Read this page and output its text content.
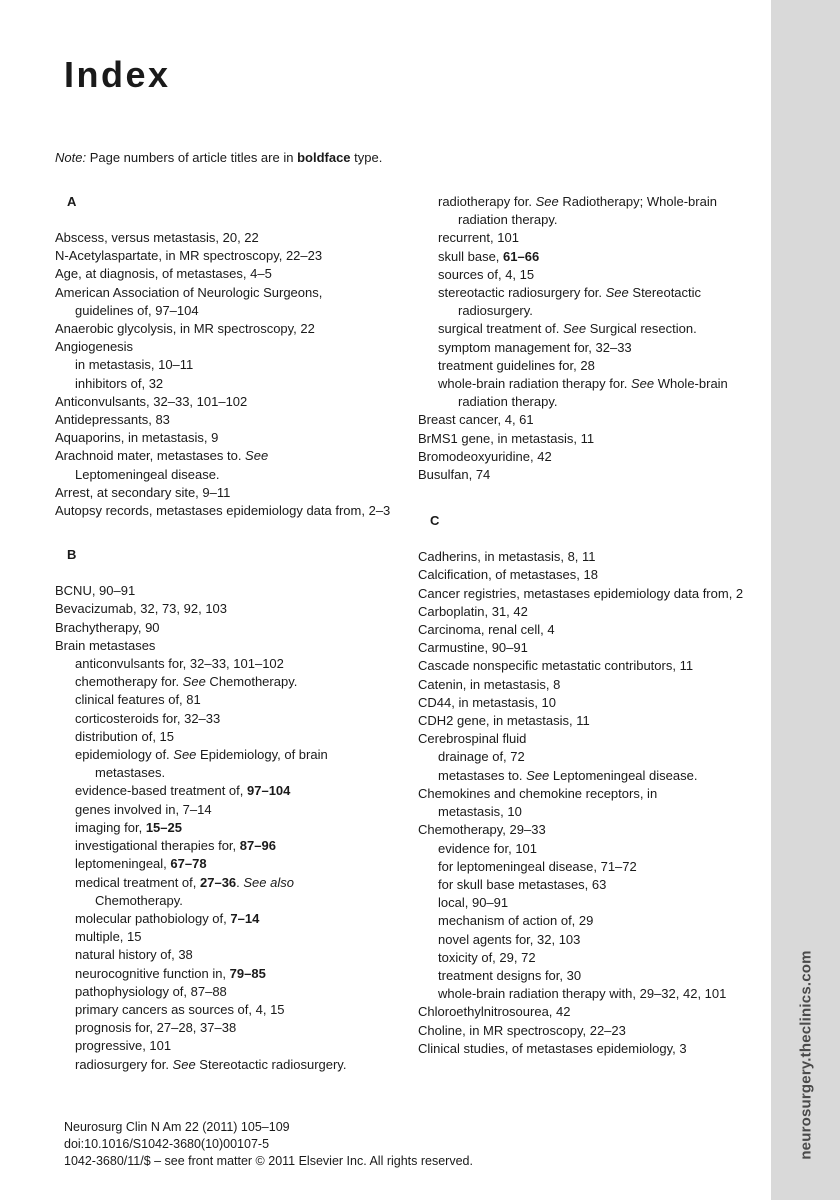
neurosurgery.theclinics.com
Index
Note: Page numbers of article titles are in boldface type.

A

Abscess, versus metastasis, 20, 22

N-Acetylaspartate, in MR spectroscopy, 22–23

Age, at diagnosis, of metastases, 4–5

American Association of Neurologic Surgeons, guidelines of, 97–104

Anaerobic glycolysis, in MR spectroscopy, 22

Angiogenesis

in metastasis, 10–11

inhibitors of, 32

Anticonvulsants, 32–33, 101–102

Antidepressants, 83

Aquaporins, in metastasis, 9

Arachnoid mater, metastases to. See Leptomeningeal disease.

Arrest, at secondary site, 9–11

Autopsy records, metastases epidemiology data from, 2–3

B

BCNU, 90–91

Bevacizumab, 32, 73, 92, 103

Brachytherapy, 90

Brain metastases

anticonvulsants for, 32–33, 101–102

chemotherapy for. See Chemotherapy.

clinical features of, 81

corticosteroids for, 32–33

distribution of, 15

epidemiology of. See Epidemiology, of brain metastases.

evidence-based treatment of, 97–104

genes involved in, 7–14

imaging for, 15–25

investigational therapies for, 87–96

leptomeningeal, 67–78

medical treatment of, 27–36. See also Chemotherapy.

molecular pathobiology of, 7–14

multiple, 15

natural history of, 38

neurocognitive function in, 79–85

pathophysiology of, 87–88

primary cancers as sources of, 4, 15

prognosis for, 27–28, 37–38

progressive, 101

radiosurgery for. See Stereotactic radiosurgery.

radiotherapy for. See Radiotherapy; Whole-brain radiation therapy.

recurrent, 101

skull base, 61–66

sources of, 4, 15

stereotactic radiosurgery for. See Stereotactic radiosurgery.

surgical treatment of. See Surgical resection.

symptom management for, 32–33

treatment guidelines for, 28

whole-brain radiation therapy for. See Whole-brain radiation therapy.

Breast cancer, 4, 61

BrMS1 gene, in metastasis, 11

Bromodeoxyuridine, 42

Busulfan, 74

C

Cadherins, in metastasis, 8, 11

Calcification, of metastases, 18

Cancer registries, metastases epidemiology data from, 2

Carboplatin, 31, 42

Carcinoma, renal cell, 4

Carmustine, 90–91

Cascade nonspecific metastatic contributors, 11

Catenin, in metastasis, 8

CD44, in metastasis, 10

CDH2 gene, in metastasis, 11

Cerebrospinal fluid

drainage of, 72

metastases to. See Leptomeningeal disease.

Chemokines and chemokine receptors, in metastasis, 10

Chemotherapy, 29–33

evidence for, 101

for leptomeningeal disease, 71–72

for skull base metastases, 63

local, 90–91

mechanism of action of, 29

novel agents for, 32, 103

toxicity of, 29, 72

treatment designs for, 30

whole-brain radiation therapy with, 29–32, 42, 101

Chloroethylnitrosourea, 42

Choline, in MR spectroscopy, 22–23

Clinical studies, of metastases epidemiology, 3

Neurosurg Clin N Am 22 (2011) 105–109
doi:10.1016/S1042-3680(10)00107-5
1042-3680/11/$ – see front matter © 2011 Elsevier Inc. All rights reserved.
